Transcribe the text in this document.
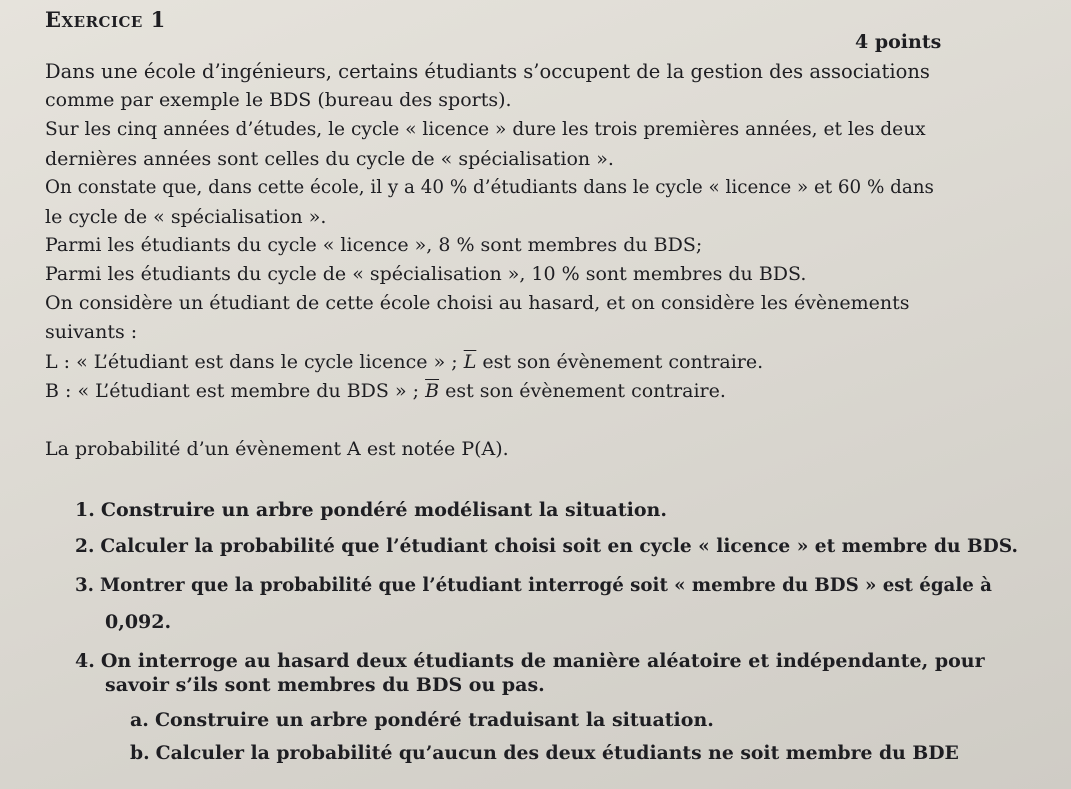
Exercice 1
4 points
Dans une école d’ingénieurs, certains étudiants s’occupent de la gestion des associations
comme par exemple le BDS (bureau des sports).
Sur les cinq années d’études, le cycle « licence » dure les trois premières années, et les deux
dernières années sont celles du cycle de « spécialisation ».
On constate que, dans cette école, il y a 40 % d’étudiants dans le cycle « licence » et 60 % dans
le cycle de « spécialisation ».
Parmi les étudiants du cycle « licence », 8 % sont membres du BDS;
Parmi les étudiants du cycle de « spécialisation », 10 % sont membres du BDS.
On considère un étudiant de cette école choisi au hasard, et on considère les évènements
suivants :
L : « L’étudiant est dans le cycle licence » ; $\overline{L}$ est son évènement contraire.
B : « L’étudiant est membre du BDS » ; $\overline{B}$ est son évènement contraire.
La probabilité d’un évènement A est notée P(A).
1. Construire un arbre pondéré modélisant la situation.
2. Calculer la probabilité que l’étudiant choisi soit en cycle « licence » et membre du BDS.
3. Montrer que la probabilité que l’étudiant interrogé soit « membre du BDS » est égale à
0,092.
4. On interroge au hasard deux étudiants de manière aléatoire et indépendante, pour
savoir s’ils sont membres du BDS ou pas.
a. Construire un arbre pondéré traduisant la situation.
b. Calculer la probabilité qu’aucun des deux étudiants ne soit membre du BDE
